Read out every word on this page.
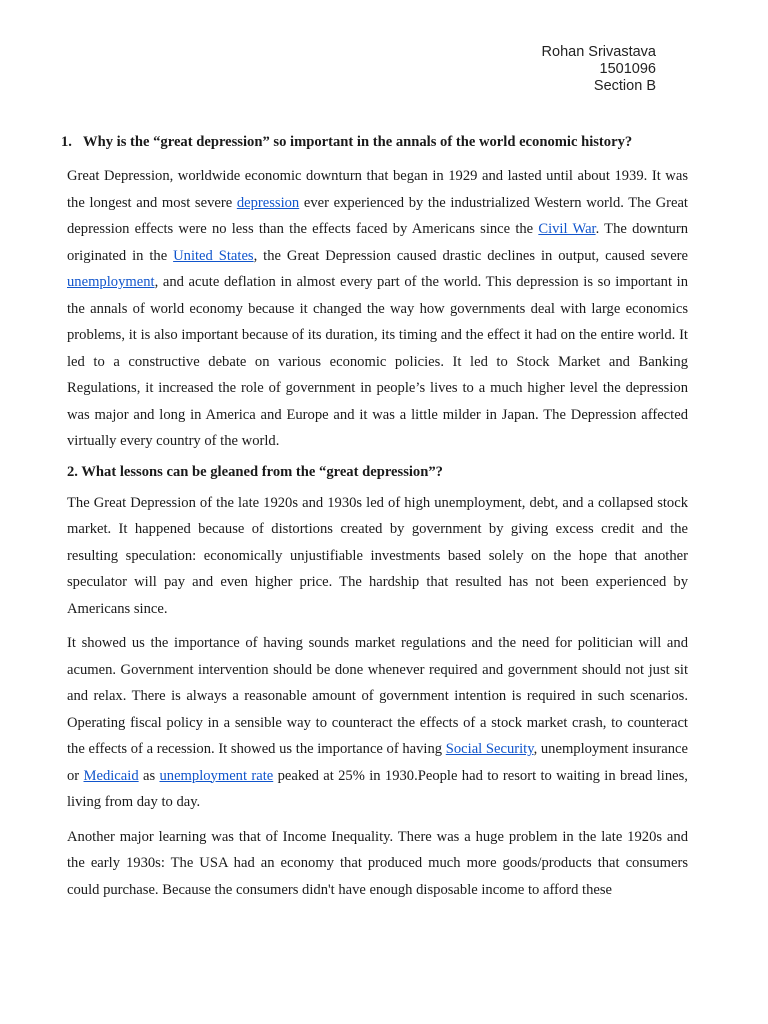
Rohan Srivastava
1501096
Section B

1. Why is the “great depression” so important in the annals of the world economic history?

Great Depression, worldwide economic downturn that began in 1929 and lasted until about 1939. It was the longest and most severe depression ever experienced by the industrialized Western world. The Great depression effects were no less than the effects faced by Americans since the Civil War. The downturn originated in the United States, the Great Depression caused drastic declines in output, caused severe unemployment, and acute deflation in almost every part of the world. This depression is so important in the annals of world economy because it changed the way how governments deal with large economics problems, it is also important because of its duration, its timing and the effect it had on the entire world. It led to a constructive debate on various economic policies. It led to Stock Market and Banking Regulations, it increased the role of government in people’s lives to a much higher level the depression was major and long in America and Europe and it was a little milder in Japan. The Depression affected virtually every country of the world.

2. What lessons can be gleaned from the “great depression”?

The Great Depression of the late 1920s and 1930s led of high unemployment, debt, and a collapsed stock market. It happened because of distortions created by government by giving excess credit and the resulting speculation: economically unjustifiable investments based solely on the hope that another speculator will pay and even higher price. The hardship that resulted has not been experienced by Americans since.

It showed us the importance of having sounds market regulations and the need for politician will and acumen. Government intervention should be done whenever required and government should not just sit and relax. There is always a reasonable amount of government intention is required in such scenarios. Operating fiscal policy in a sensible way to counteract the effects of a stock market crash, to counteract the effects of a recession. It showed us the importance of having Social Security, unemployment insurance or Medicaid as unemployment rate peaked at 25% in 1930.People had to resort to waiting in bread lines, living from day to day.

Another major learning was that of Income Inequality. There was a huge problem in the late 1920s and the early 1930s: The USA had an economy that produced much more goods/products that consumers could purchase. Because the consumers didn't have enough disposable income to afford these
